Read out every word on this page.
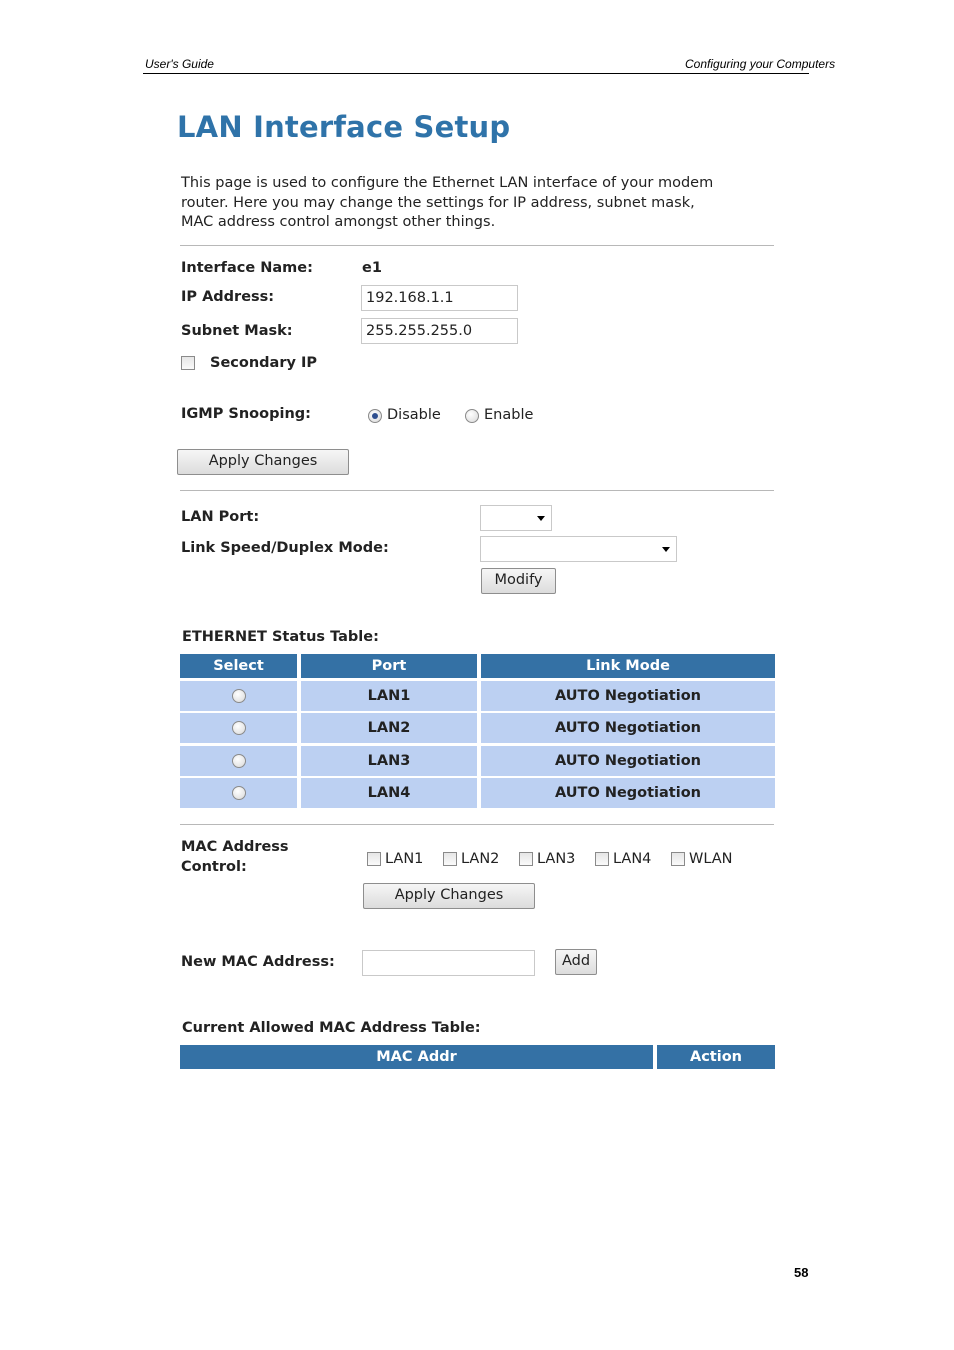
User's Guide	Configuring your Computers
LAN Interface Setup
This page is used to configure the Ethernet LAN interface of your modem
router. Here you may change the settings for IP address, subnet mask,
MAC address control amongst other things.
Interface Name:	e1
IP Address:
192.168.1.1
Subnet Mask:
255.255.255.0
Secondary IP
IGMP Snooping:	Disable	Enable
Apply Changes
LAN Port:
Link Speed/Duplex Mode:
Modify
ETHERNET Status Table:
Select	Port	Link Mode
LAN1	AUTO Negotiation
LAN2	AUTO Negotiation
LAN3	AUTO Negotiation
LAN4	AUTO Negotiation
MAC Address
Control:	LAN1	LAN2	LAN3	LAN4	WLAN
Apply Changes
New MAC Address:	Add
Current Allowed MAC Address Table:
MAC Addr	Action
58
